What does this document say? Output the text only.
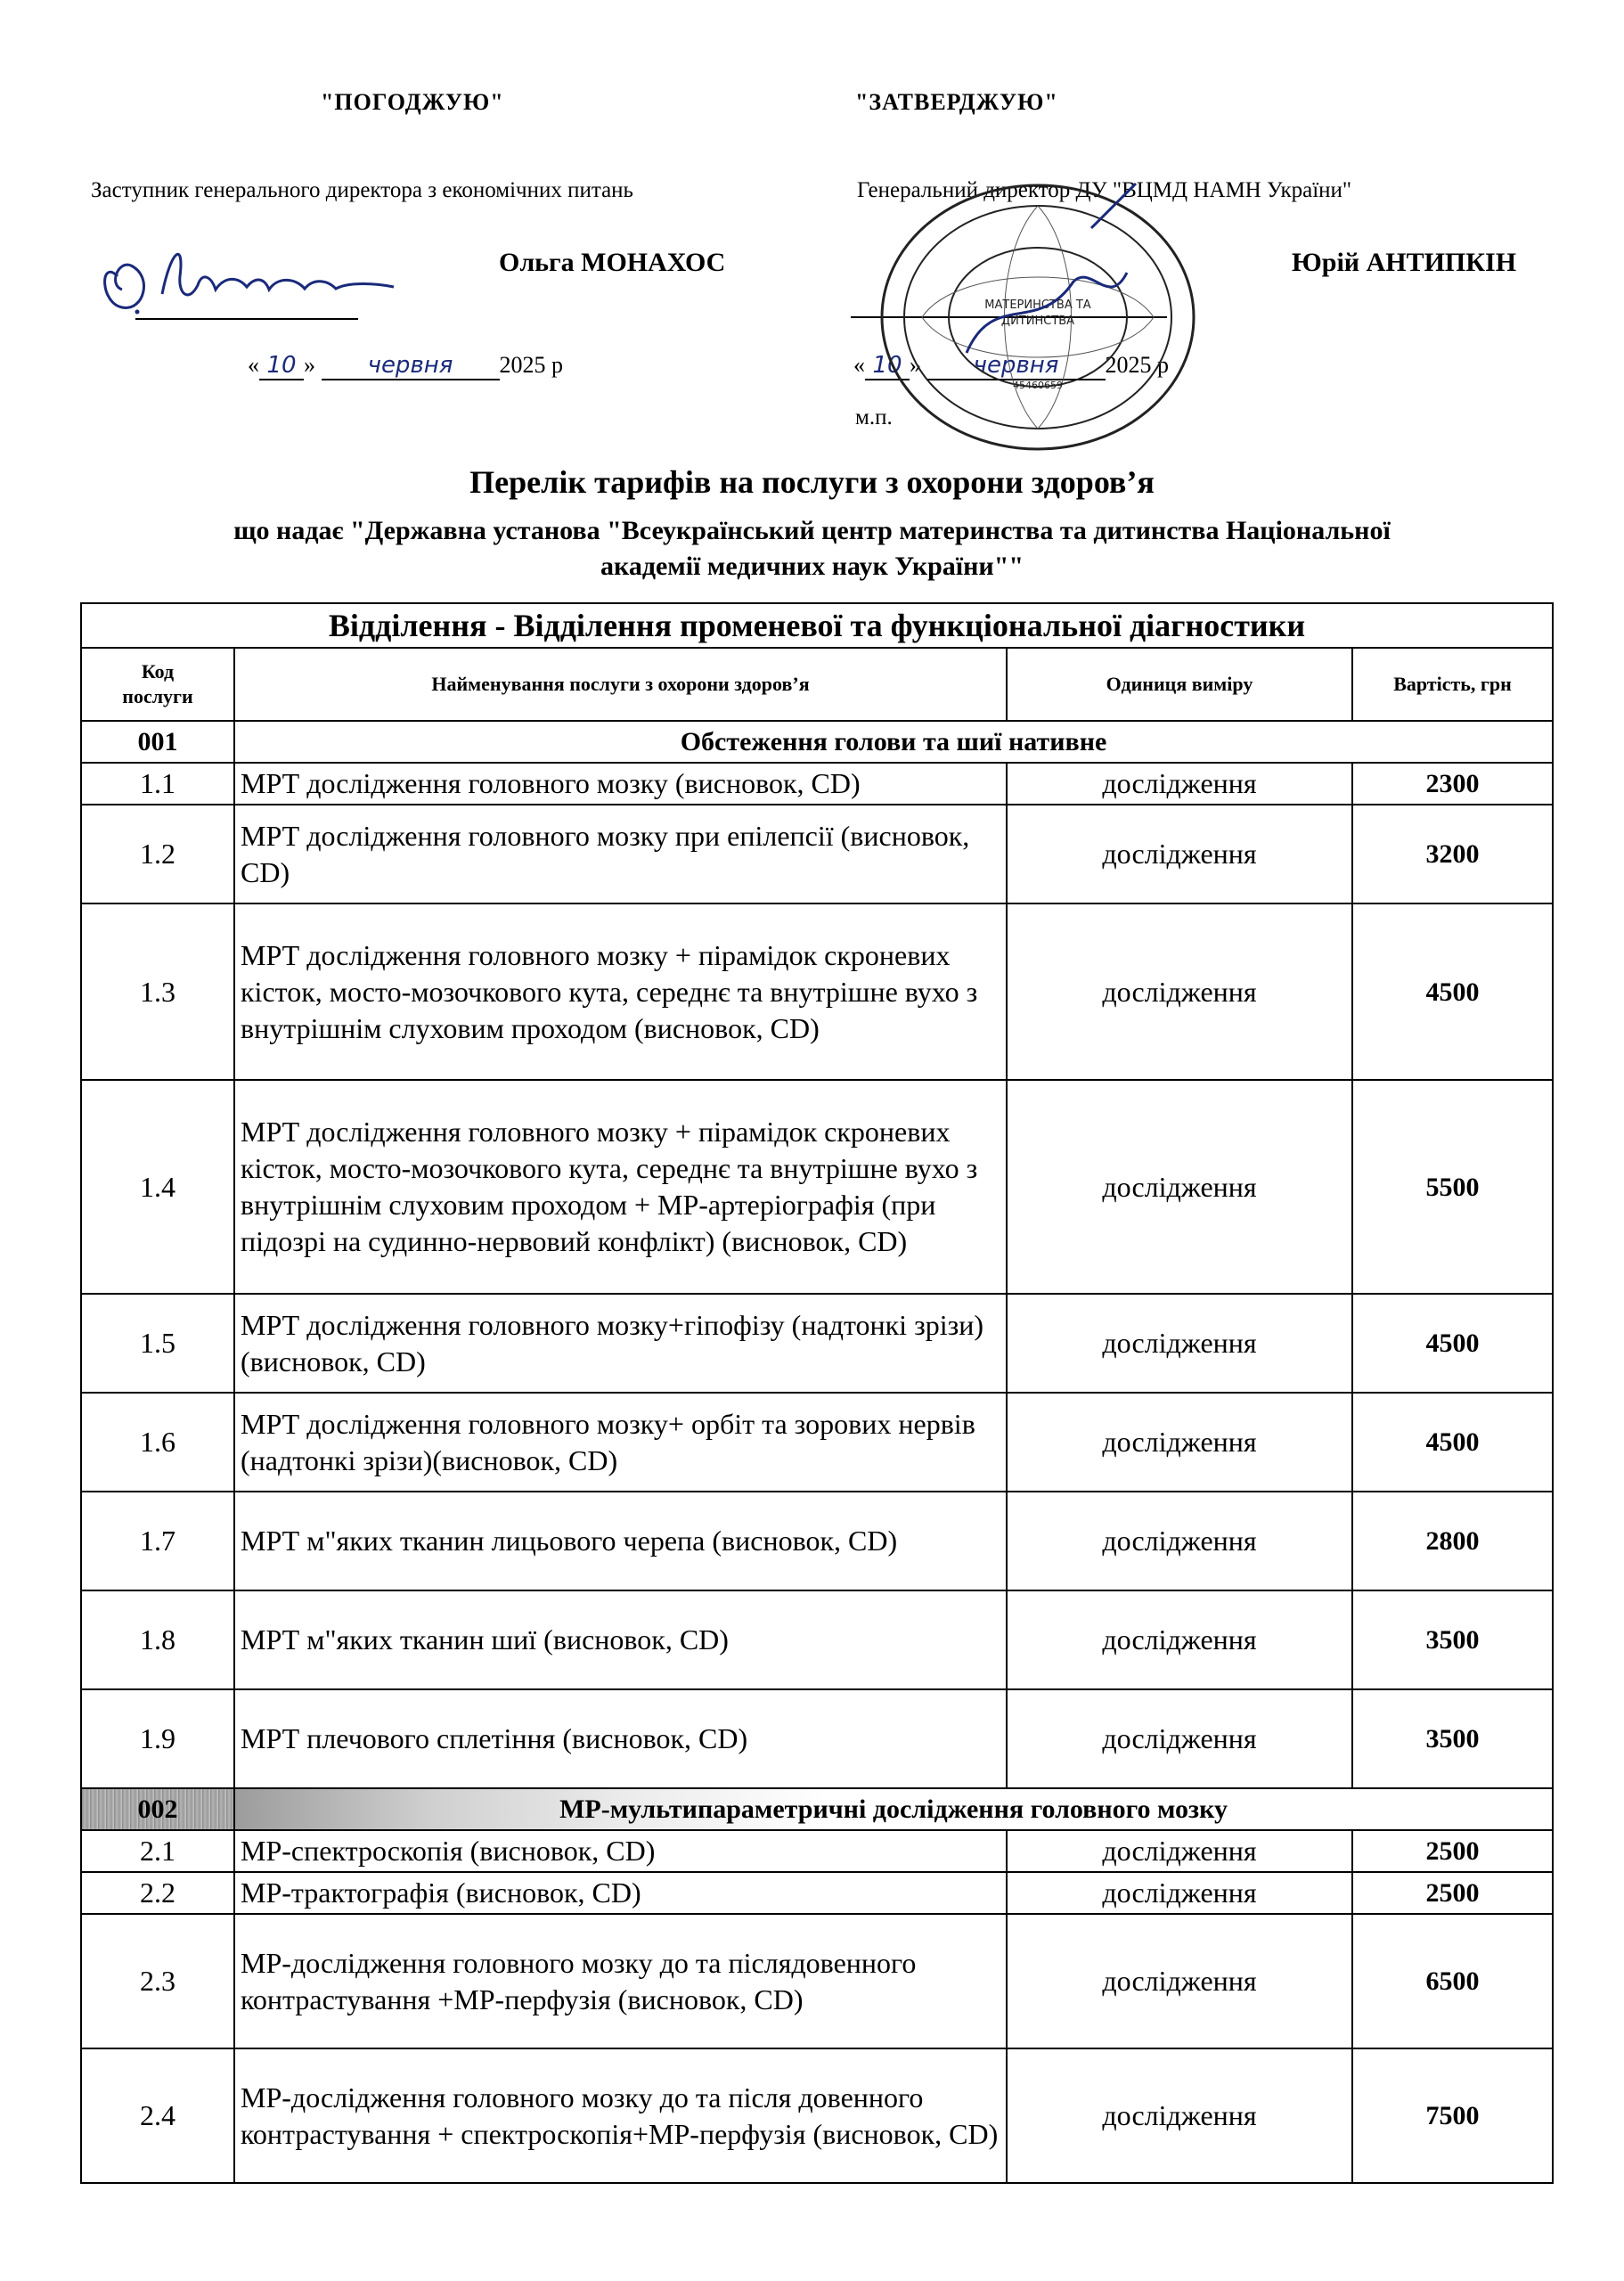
"ПОГОДЖУЮ"
Заступник генерального директора з економічних питань
Ольга МОНАХОС
« 10 » червня 2025 р
"ЗАТВЕРДЖУЮ"
Генеральний директор ДУ "ВЦМД НАМН України"
Юрій АНТИПКІН
« 10 » червня 2025 р
м.п.
МАТЕРИНСТВА ТА
ДИТИНСТВА
45460659
Перелік тарифів на послуги з охорони здоров’я
що надає "Державна установа "Всеукраїнський центр материнства та дитинства Національної
академії медичних наук України""
Відділення - Відділення променевої та функціональної діагностики			
Код
послуги	Найменування послуги з охорони здоров’я	Одиниця виміру	Вартість, грн
001	Обстеження голови та шиї нативне		
1.1	МРТ дослідження головного мозку (висновок, CD)	дослідження	2300
1.2	МРТ дослідження головного мозку при епілепсії (висновок, CD)	дослідження	3200
1.3	МРТ дослідження головного мозку + пірамідок скроневих кісток, мосто-мозочкового кута, середнє та внутрішне вухо з внутрішнім слуховим проходом (висновок, CD)	дослідження	4500
1.4	МРТ дослідження головного мозку + пірамідок скроневих кісток, мосто-мозочкового кута, середнє та внутрішне вухо з внутрішнім слуховим проходом + МР-артеріографія (при підозрі на судинно-нервовий конфлікт) (висновок, CD)	дослідження	5500
1.5	МРТ дослідження головного мозку+гіпофізу (надтонкі зрізи) (висновок, CD)	дослідження	4500
1.6	МРТ дослідження головного мозку+ орбіт та зорових нервів (надтонкі зрізи)(висновок, CD)	дослідження	4500
1.7	МРТ м"яких тканин лицьового черепа (висновок, CD)	дослідження	2800
1.8	МРТ м"яких тканин шиї (висновок, CD)	дослідження	3500
1.9	МРТ плечового сплетіння (висновок, CD)	дослідження	3500
002	МР-мультипараметричні дослідження головного мозку		
2.1	МР-спектроскопія (висновок, CD)	дослідження	2500
2.2	МР-трактографія (висновок, CD)	дослідження	2500
2.3	МР-дослідження головного мозку до та післядовенного контрастування +МР-перфузія (висновок, CD)	дослідження	6500
2.4	МР-дослідження головного мозку до та після довенного контрастування + спектроскопія+МР-перфузія (висновок, CD)	дослідження	7500
